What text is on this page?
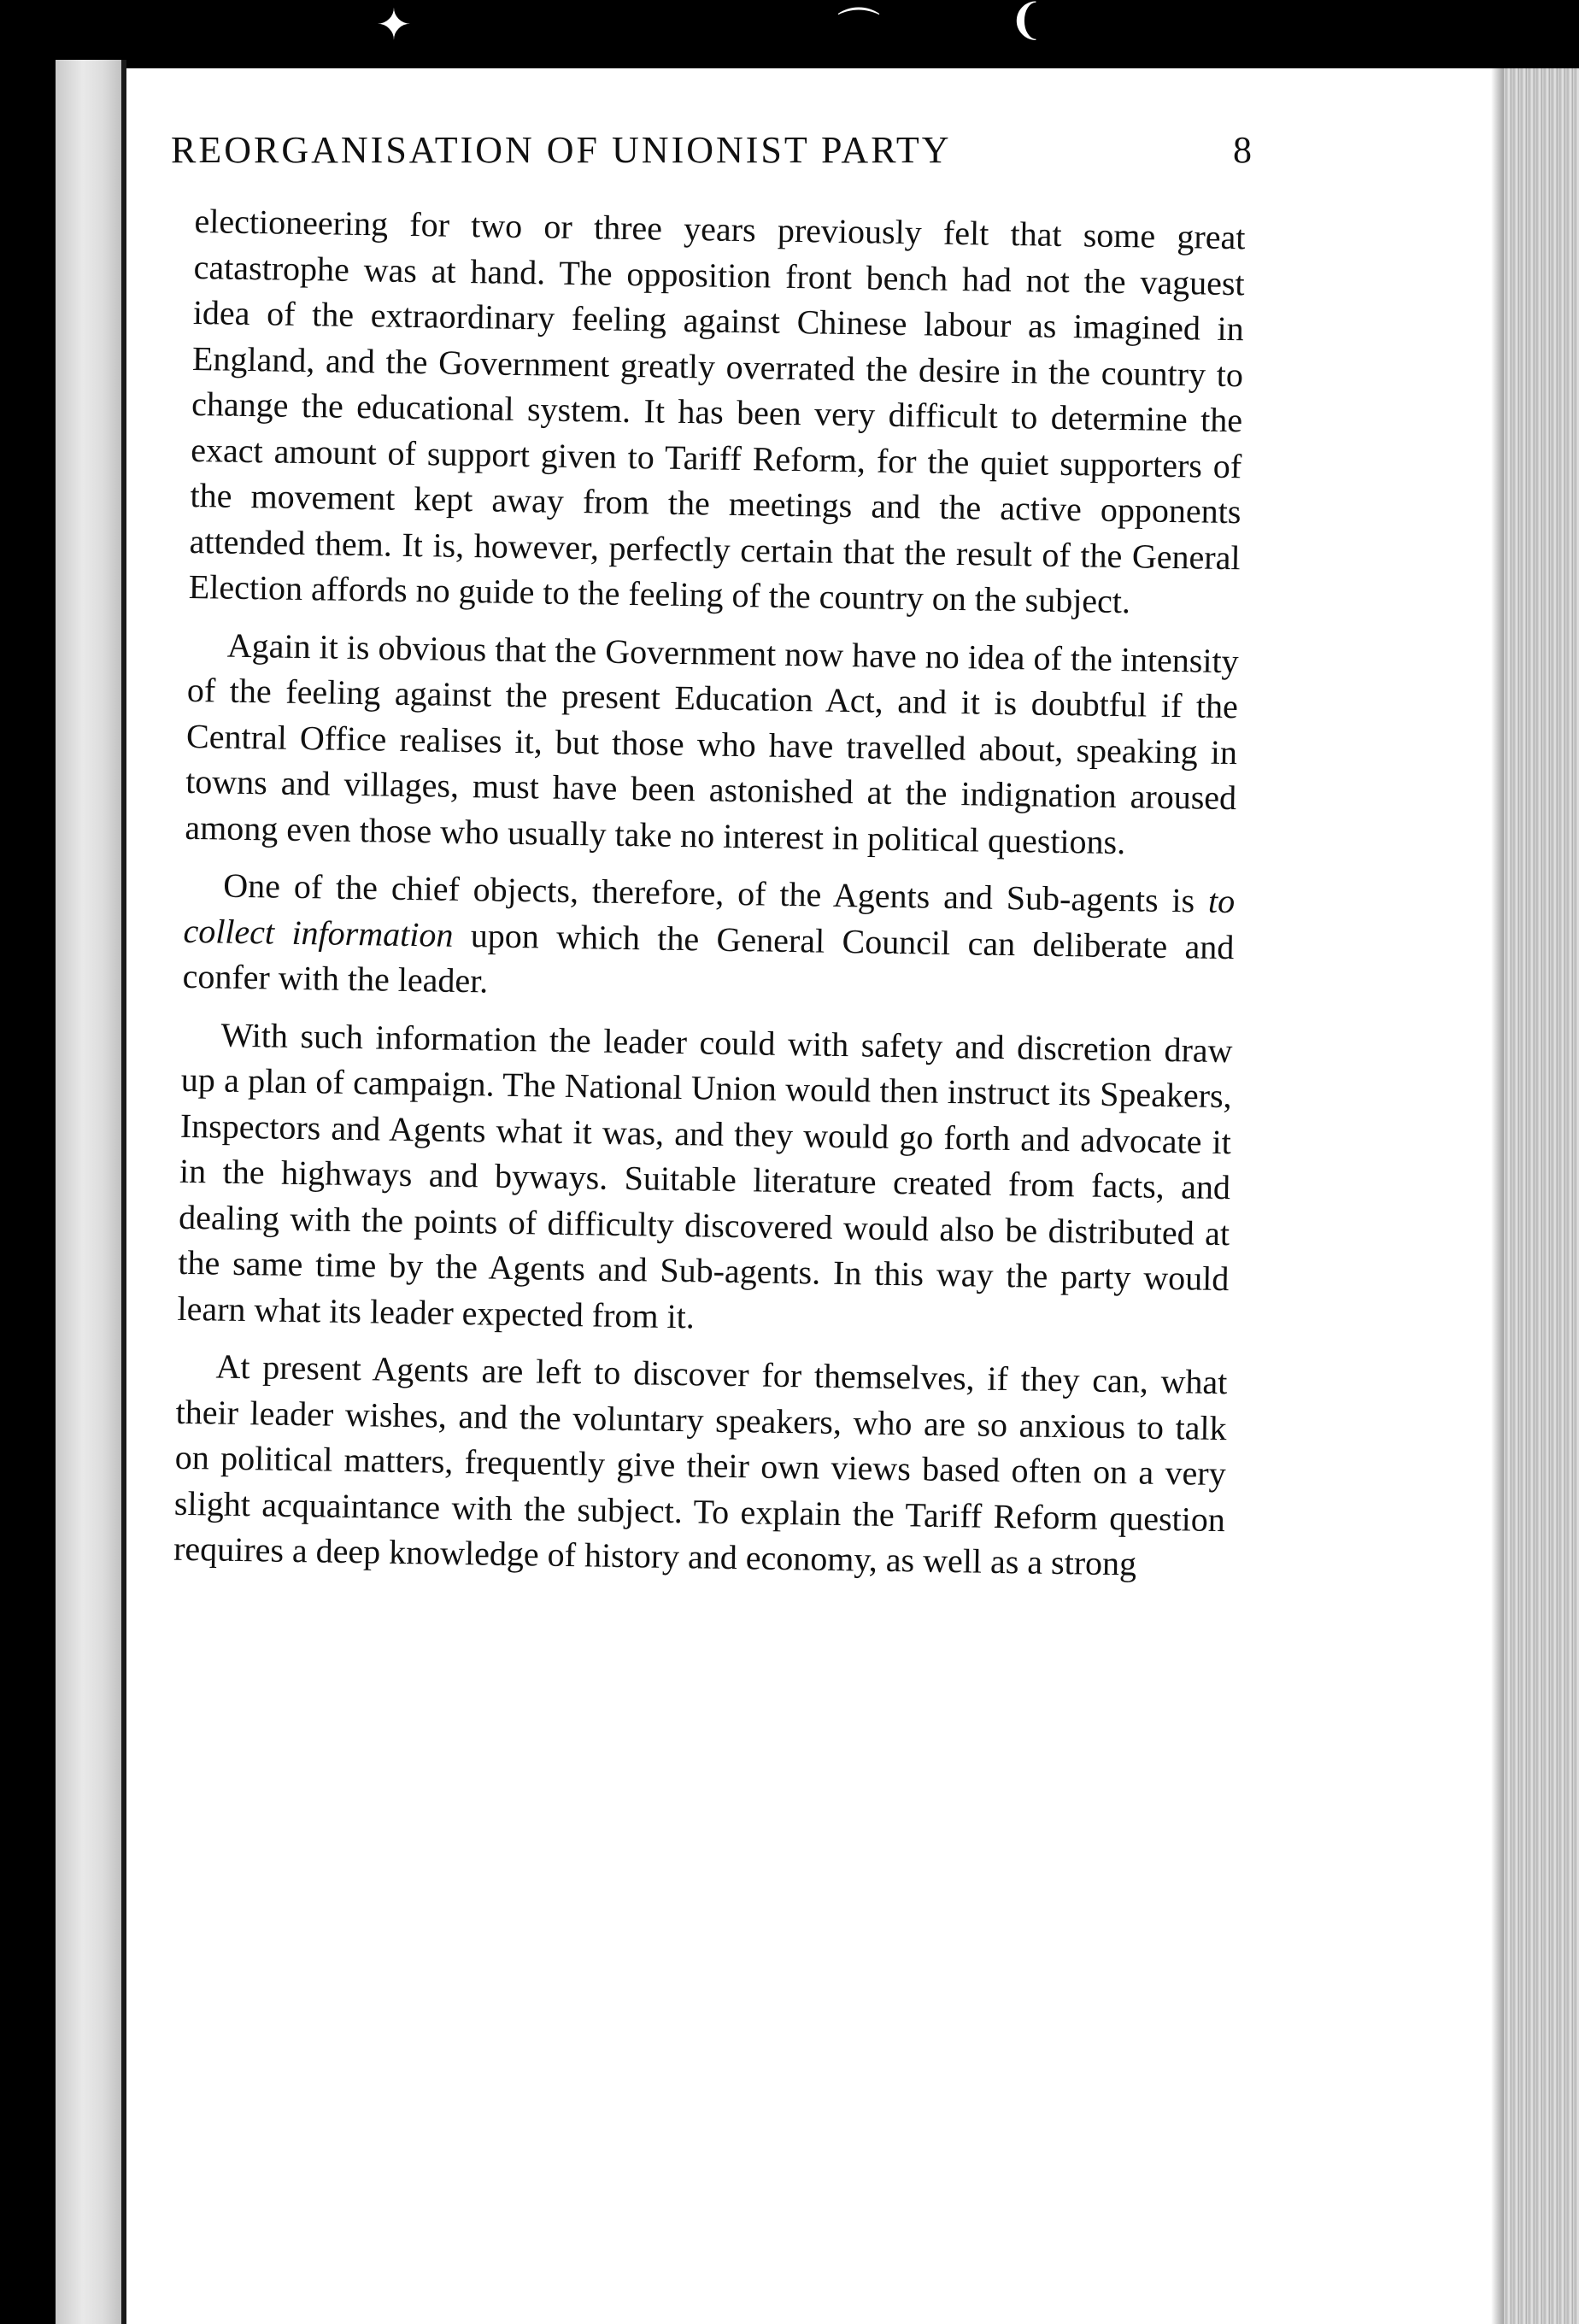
✦	⌒	❨
REORGANISATION OF UNIONIST PARTY	8

electioneering for two or three years previously felt that some great catastrophe was at hand. The opposition front bench had not the vaguest idea of the extraordinary feeling against Chinese labour as imagined in England, and the Government greatly overrated the desire in the country to change the educational system. It has been very difficult to determine the exact amount of support given to Tariff Reform, for the quiet supporters of the movement kept away from the meetings and the active opponents attended them. It is, however, perfectly certain that the result of the General Election affords no guide to the feeling of the country on the subject.

Again it is obvious that the Government now have no idea of the intensity of the feeling against the present Education Act, and it is doubtful if the Central Office realises it, but those who have travelled about, speaking in towns and villages, must have been astonished at the indignation aroused among even those who usually take no interest in political questions.

One of the chief objects, therefore, of the Agents and Sub-agents is to collect information upon which the General Council can deliberate and confer with the leader.

With such information the leader could with safety and discretion draw up a plan of campaign. The National Union would then instruct its Speakers, Inspectors and Agents what it was, and they would go forth and advocate it in the highways and byways. Suitable literature created from facts, and dealing with the points of difficulty discovered would also be distributed at the same time by the Agents and Sub-agents. In this way the party would learn what its leader expected from it.

At present Agents are left to discover for themselves, if they can, what their leader wishes, and the voluntary speakers, who are so anxious to talk on political matters, frequently give their own views based often on a very slight acquaintance with the subject. To explain the Tariff Reform question requires a deep knowledge of history and economy, as well as a strong
